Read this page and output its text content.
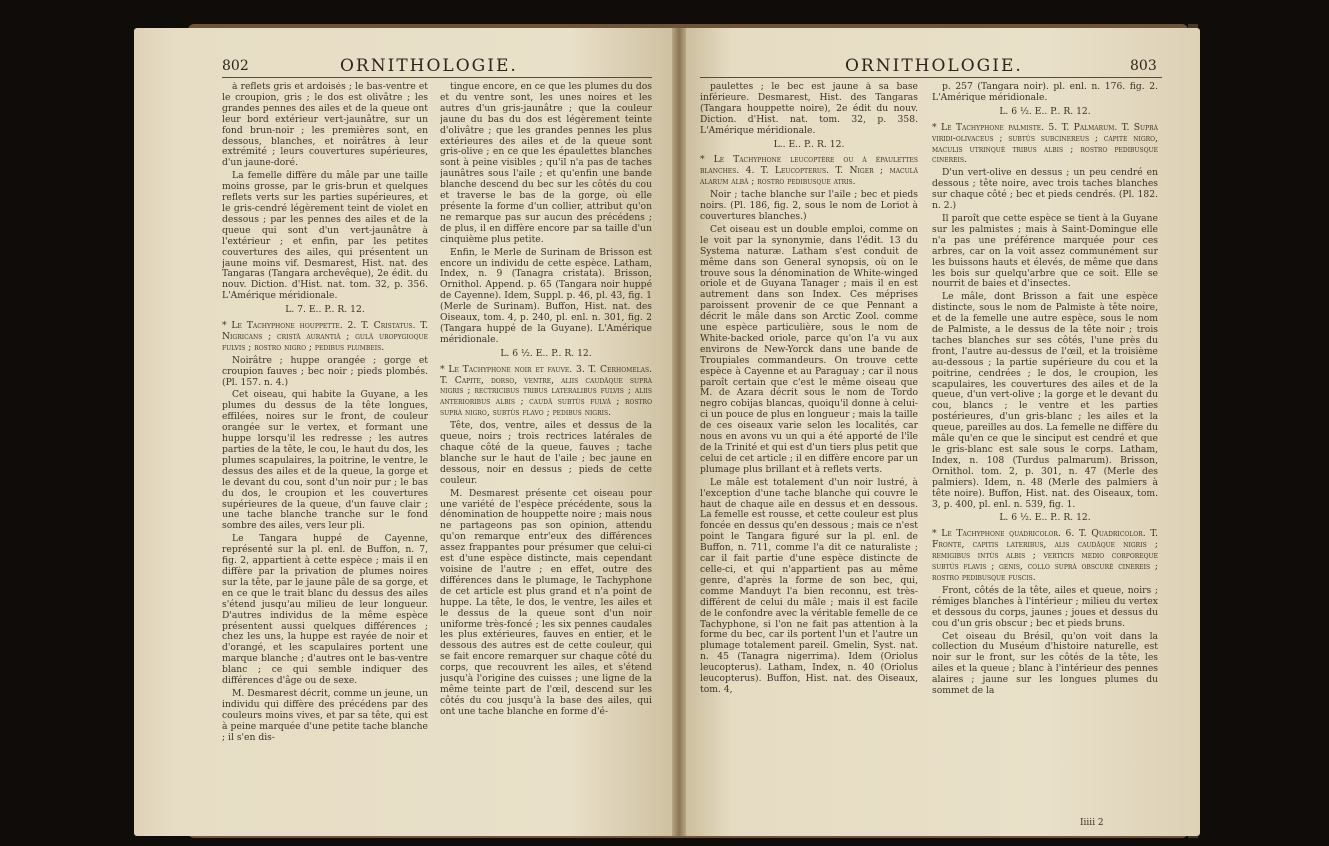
802	ORNITHOLOGIE.	ORNITHOLOGIE.	803

à reflets gris et ardoisés ; le bas-ventre et le croupion, gris ; le dos est olivâtre ; les grandes pennes des ailes et de la queue ont leur bord extérieur vert-jaunâtre, sur un fond brun-noir ; les premières sont, en dessous, blanches, et noirâtres à leur extrémité ; leurs couvertures supérieures, d'un jaune-doré.

La femelle diffère du mâle par une taille moins grosse, par le gris-brun et quelques reflets verts sur les parties supérieures, et le gris-cendré légèrement teint de violet en dessous ; par les pennes des ailes et de la queue qui sont d'un vert-jaunâtre à l'extérieur ; et enfin, par les petites couvertures des ailes, qui présentent un jaune moins vif. Desmarest, Hist. nat. des Tangaras (Tangara archevêque), 2e édit. du nouv. Diction. d'Hist. nat. tom. 32, p. 356. L'Amérique méridionale.

L. 7. E.. P.. R. 12.

* Le Tachyphone houppette. 2. T. Cristatus. T. Nigricans ; cristâ aurantiâ ; gulâ uropygioque fulvis ; rostro nigro ; pedibus plumbeis.

Noirâtre ; huppe orangée ; gorge et croupion fauves ; bec noir ; pieds plombés. (Pl. 157. n. 4.)

Cet oiseau, qui habite la Guyane, a les plumes du dessus de la tête longues, effilées, noires sur le front, de couleur orangée sur le vertex, et formant une huppe lorsqu'il les redresse ; les autres parties de la tête, le cou, le haut du dos, les plumes scapulaires, la poitrine, le ventre, le dessus des ailes et de la queue, la gorge et le devant du cou, sont d'un noir pur ; le bas du dos, le croupion et les couvertures supérieures de la queue, d'un fauve clair ; une tache blanche tranche sur le fond sombre des ailes, vers leur pli.

Le Tangara huppé de Cayenne, représenté sur la pl. enl. de Buffon, n. 7, fig. 2, appartient à cette espèce ; mais il en diffère par la privation de plumes noires sur la tête, par le jaune pâle de sa gorge, et en ce que le trait blanc du dessus des ailes s'étend jusqu'au milieu de leur longueur. D'autres individus de la même espèce présentent aussi quelques différences ; chez les uns, la huppe est rayée de noir et d'orangé, et les scapulaires portent une marque blanche ; d'autres ont le bas-ventre blanc ; ce qui semble indiquer des différences d'âge ou de sexe.

M. Desmarest décrit, comme un jeune, un individu qui diffère des précédens par des couleurs moins vives, et par sa tête, qui est à peine marquée d'une petite tache blanche ; il s'en dis-

tingue encore, en ce que les plumes du dos et du ventre sont, les unes noires et les autres d'un gris-jaunâtre ; que la couleur jaune du bas du dos est légèrement teinte d'olivâtre ; que les grandes pennes les plus extérieures des ailes et de la queue sont gris-olive ; en ce que les épaulettes blanches sont à peine visibles ; qu'il n'a pas de taches jaunâtres sous l'aile ; et qu'enfin une bande blanche descend du bec sur les côtés du cou et traverse le bas de la gorge, où elle présente la forme d'un collier, attribut qu'on ne remarque pas sur aucun des précédens ; de plus, il en diffère encore par sa taille d'un cinquième plus petite.

Enfin, le Merle de Surinam de Brisson est encore un individu de cette espèce. Latham, Index, n. 9 (Tanagra cristata). Brisson, Ornithol. Append. p. 65 (Tangara noir huppé de Cayenne). Idem, Suppl. p. 46, pl. 43, fig. 1 (Merle de Surinam). Buffon, Hist. nat. des Oiseaux, tom. 4, p. 240, pl. enl. n. 301, fig. 2 (Tangara huppé de la Guyane). L'Amérique méridionale.

L. 6 ½. E.. P.. R. 12.

* Le Tachyphone noir et fauve. 3. T. Cerhomelas. T. Capite, dorso, ventre, aliis caudâque suprà nigris ; rectricibus tribus lateralibus fulvis ; aliis anterioribus albis ; caudâ subtùs fulvâ ; rostro suprà nigro, subtùs flavo ; pedibus nigris.

Tête, dos, ventre, ailes et dessus de la queue, noirs ; trois rectrices latérales de chaque côté de la queue, fauves ; tache blanche sur le haut de l'aile ; bec jaune en dessous, noir en dessus ; pieds de cette couleur.

M. Desmarest présente cet oiseau pour une variété de l'espèce précédente, sous la dénomination de houppette noire ; mais nous ne partageons pas son opinion, attendu qu'on remarque entr'eux des différences assez frappantes pour présumer que celui-ci est d'une espèce distincte, mais cependant voisine de l'autre ; en effet, outre des différences dans le plumage, le Tachyphone de cet article est plus grand et n'a point de huppe. La tête, le dos, le ventre, les ailes et le dessus de la queue sont d'un noir uniforme très-foncé ; les six pennes caudales les plus extérieures, fauves en entier, et le dessous des autres est de cette couleur, qui se fait encore remarquer sur chaque côté du corps, que recouvrent les ailes, et s'étend jusqu'à l'origine des cuisses ; une ligne de la même teinte part de l'œil, descend sur les côtés du cou jusqu'à la base des ailes, qui ont une tache blanche en forme d'é-

paulettes ; le bec est jaune à sa base inférieure. Desmarest, Hist. des Tangaras (Tangara houppette noire), 2e édit du nouv. Diction. d'Hist. nat. tom. 32, p. 358. L'Amérique méridionale.

L.. E.. P.. R. 12.

* Le Tachyphone leucoptère ou à épaulettes blanches. 4. T. Leucopterus. T. Niger ; maculâ alarum albâ ; rostro pedibusque atris.

Noir ; tache blanche sur l'aile ; bec et pieds noirs. (Pl. 186, fig. 2, sous le nom de Loriot à couvertures blanches.)

Cet oiseau est un double emploi, comme on le voit par la synonymie, dans l'édit. 13 du Systema naturæ. Latham s'est conduit de même dans son General synopsis, où on le trouve sous la dénomination de White-winged oriole et de Guyana Tanager ; mais il en est autrement dans son Index. Ces méprises paroissent provenir de ce que Pennant a décrit le mâle dans son Arctic Zool. comme une espèce particulière, sous le nom de White-backed oriole, parce qu'on l'a vu aux environs de New-Yorck dans une bande de Troupiales commandeurs. On trouve cette espèce à Cayenne et au Paraguay ; car il nous paroît certain que c'est le même oiseau que M. de Azara décrit sous le nom de Tordo negro cobijas blancas, quoiqu'il donne à celui-ci un pouce de plus en longueur ; mais la taille de ces oiseaux varie selon les localités, car nous en avons vu un qui a été apporté de l'île de la Trinité et qui est d'un tiers plus petit que celui de cet article ; il en diffère encore par un plumage plus brillant et à reflets verts.

Le mâle est totalement d'un noir lustré, à l'exception d'une tache blanche qui couvre le haut de chaque aile en dessus et en dessous. La femelle est rousse, et cette couleur est plus foncée en dessus qu'en dessous ; mais ce n'est point le Tangara figuré sur la pl. enl. de Buffon, n. 711, comme l'a dit ce naturaliste ; car il fait partie d'une espèce distincte de celle-ci, et qui n'appartient pas au même genre, d'après la forme de son bec, qui, comme Manduyt l'a bien reconnu, est très-différent de celui du mâle ; mais il est facile de le confondre avec la véritable femelle de ce Tachyphone, si l'on ne fait pas attention à la forme du bec, car ils portent l'un et l'autre un plumage totalement pareil. Gmelin, Syst. nat. n. 45 (Tanagra nigerrima). Idem (Oriolus leucopterus). Latham, Index, n. 40 (Oriolus leucopterus). Buffon, Hist. nat. des Oiseaux, tom. 4,

p. 257 (Tangara noir). pl. enl. n. 176. fig. 2. L'Amérique méridionale.

L. 6 ½. E.. P.. R. 12.

* Le Tachyphone palmiste. 5. T. Palmarum. T. Suprà viridi-olivaceus ; subtùs subcinereus ; capite nigro, maculis utrinquè tribus albis ; rostro pedibusque cinereis.

D'un vert-olive en dessus ; un peu cendré en dessous ; tête noire, avec trois taches blanches sur chaque côté ; bec et pieds cendrés. (Pl. 182. n. 2.)

Il paroît que cette espèce se tient à la Guyane sur les palmistes ; mais à Saint-Domingue elle n'a pas une préférence marquée pour ces arbres, car on la voit assez communément sur les buissons hauts et élevés, de même que dans les bois sur quelqu'arbre que ce soit. Elle se nourrit de baies et d'insectes.

Le mâle, dont Brisson a fait une espèce distincte, sous le nom de Palmiste à tête noire, et de la femelle une autre espèce, sous le nom de Palmiste, a le dessus de la tête noir ; trois taches blanches sur ses côtés, l'une près du front, l'autre au-dessus de l'œil, et la troisième au-dessous ; la partie supérieure du cou et la poitrine, cendrées ; le dos, le croupion, les scapulaires, les couvertures des ailes et de la queue, d'un vert-olive ; la gorge et le devant du cou, blancs ; le ventre et les parties postérieures, d'un gris-blanc ; les ailes et la queue, pareilles au dos. La femelle ne diffère du mâle qu'en ce que le sinciput est cendré et que le gris-blanc est sale sous le corps. Latham, Index, n. 108 (Turdus palmarum). Brisson, Ornithol. tom. 2, p. 301, n. 47 (Merle des palmiers). Idem, n. 48 (Merle des palmiers à tête noire). Buffon, Hist. nat. des Oiseaux, tom. 3, p. 400, pl. enl. n. 539, fig. 1.

L. 6 ½. E.. P.. R. 12.

* Le Tachyphone quadricolor. 6. T. Quadricolor. T. Fronte, capitis lateribus, alis caudâque nigris ; remigibus intùs albis ; verticis medio corporeque subtùs flavis ; genis, collo suprà obscurè cinereis ; rostro pedibusque fuscis.

Front, côtés de la tête, ailes et queue, noirs ; rémiges blanches à l'intérieur ; milieu du vertex et dessous du corps, jaunes ; joues et dessus du cou d'un gris obscur ; bec et pieds bruns.

Cet oiseau du Brésil, qu'on voit dans la collection du Muséum d'histoire naturelle, est noir sur le front, sur les côtés de la tête, les ailes et la queue ; blanc à l'intérieur des pennes alaires ; jaune sur les longues plumes du sommet de la

Iiiii 2
